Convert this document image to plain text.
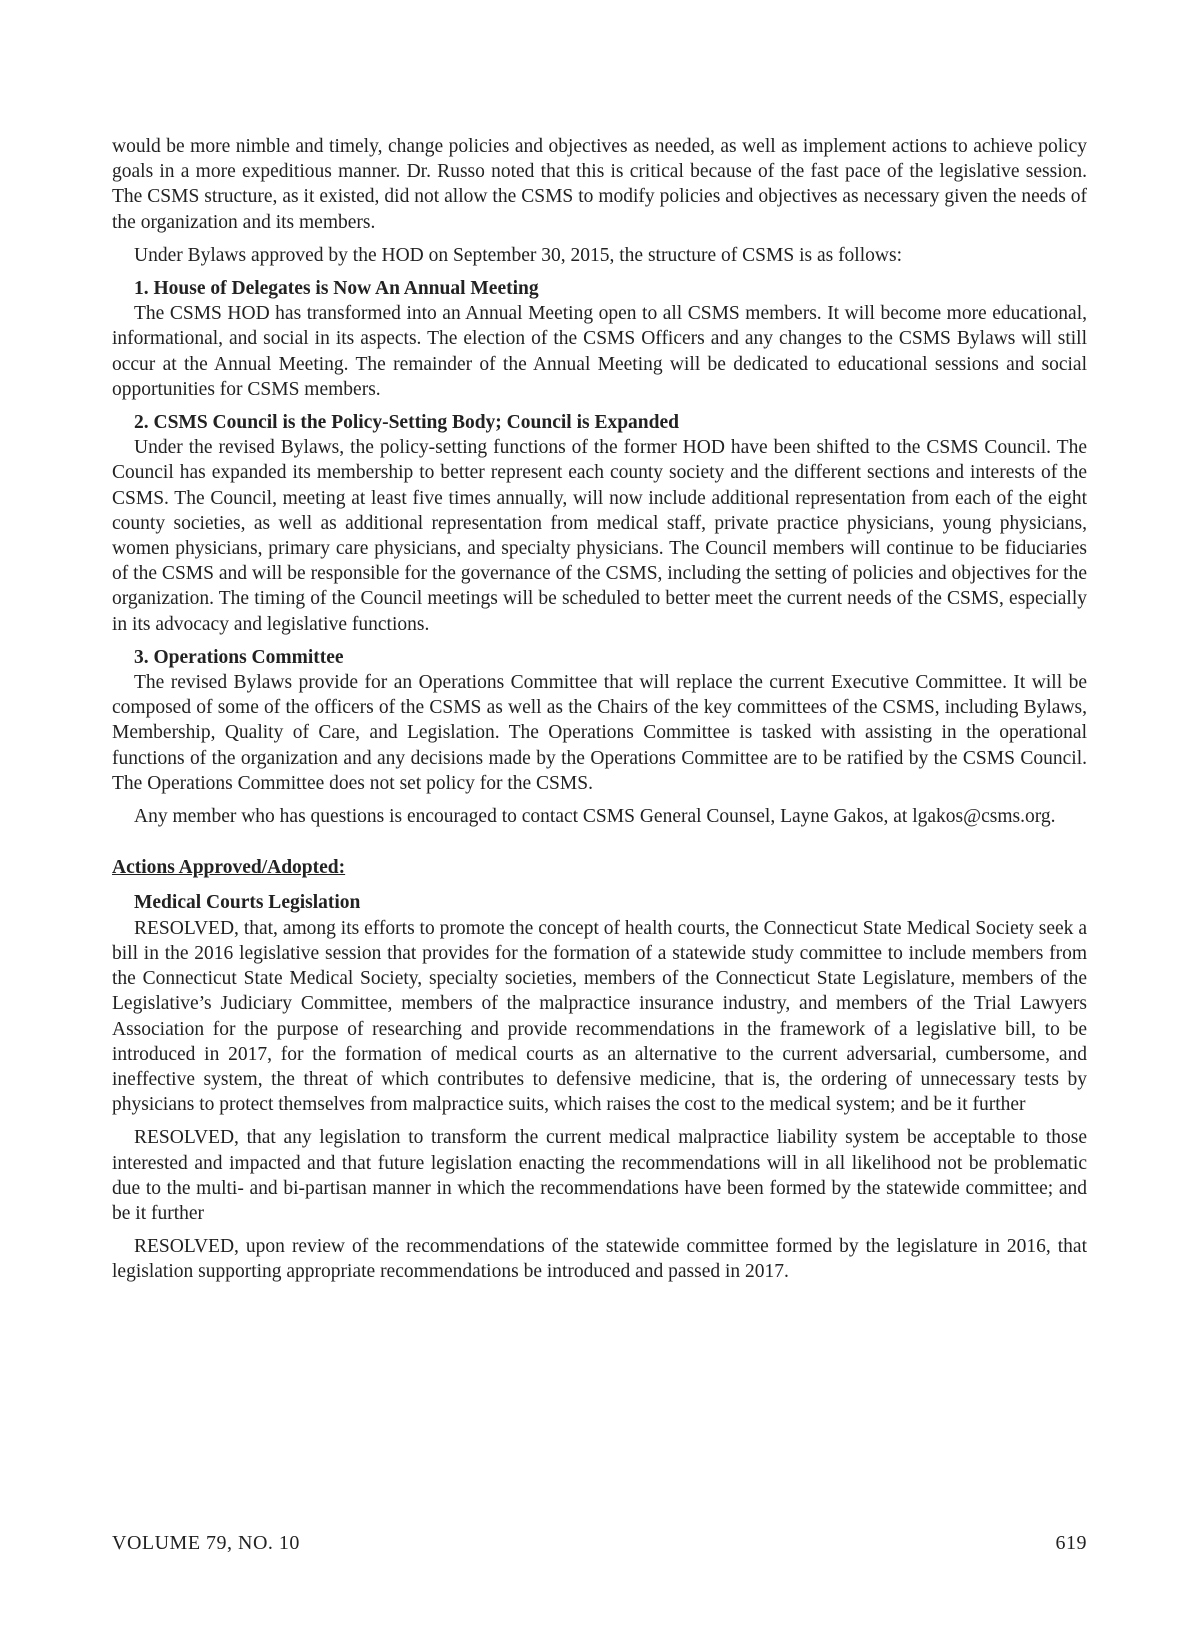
would be more nimble and timely, change policies and objectives as needed, as well as implement actions to achieve policy goals in a more expeditious manner. Dr. Russo noted that this is critical because of the fast pace of the legislative session. The CSMS structure, as it existed, did not allow the CSMS to modify policies and objectives as necessary given the needs of the organization and its members.

Under Bylaws approved by the HOD on September 30, 2015, the structure of CSMS is as follows:

1. House of Delegates is Now An Annual Meeting

The CSMS HOD has transformed into an Annual Meeting open to all CSMS members. It will become more educational, informational, and social in its aspects. The election of the CSMS Officers and any changes to the CSMS Bylaws will still occur at the Annual Meeting. The remainder of the Annual Meeting will be dedicated to educational sessions and social opportunities for CSMS members.

2. CSMS Council is the Policy-Setting Body; Council is Expanded

Under the revised Bylaws, the policy-setting functions of the former HOD have been shifted to the CSMS Council. The Council has expanded its membership to better represent each county society and the different sections and interests of the CSMS. The Council, meeting at least five times annually, will now include additional representation from each of the eight county societies, as well as additional representation from medical staff, private practice physicians, young physicians, women physicians, primary care physicians, and specialty physicians. The Council members will continue to be fiduciaries of the CSMS and will be responsible for the governance of the CSMS, including the setting of policies and objectives for the organization. The timing of the Council meetings will be scheduled to better meet the current needs of the CSMS, especially in its advocacy and legislative functions.

3. Operations Committee

The revised Bylaws provide for an Operations Committee that will replace the current Executive Committee. It will be composed of some of the officers of the CSMS as well as the Chairs of the key committees of the CSMS, including Bylaws, Membership, Quality of Care, and Legislation. The Operations Committee is tasked with assisting in the operational functions of the organization and any decisions made by the Operations Committee are to be ratified by the CSMS Council. The Operations Committee does not set policy for the CSMS.

Any member who has questions is encouraged to contact CSMS General Counsel, Layne Gakos, at lgakos@csms.org.

Actions Approved/Adopted:
Medical Courts Legislation

RESOLVED, that, among its efforts to promote the concept of health courts, the Connecticut State Medical Society seek a bill in the 2016 legislative session that provides for the formation of a statewide study committee to include members from the Connecticut State Medical Society, specialty societies, members of the Connecticut State Legislature, members of the Legislative’s Judiciary Committee, members of the malpractice insurance industry, and members of the Trial Lawyers Association for the purpose of researching and provide recommendations in the framework of a legislative bill, to be introduced in 2017, for the formation of medical courts as an alternative to the current adversarial, cumbersome, and ineffective system, the threat of which contributes to defensive medicine, that is, the ordering of unnecessary tests by physicians to protect themselves from malpractice suits, which raises the cost to the medical system; and be it further

RESOLVED, that any legislation to transform the current medical malpractice liability system be acceptable to those interested and impacted and that future legislation enacting the recommendations will in all likelihood not be problematic due to the multi- and bi-partisan manner in which the recommendations have been formed by the statewide committee; and be it further

RESOLVED, upon review of the recommendations of the statewide committee formed by the legislature in 2016, that legislation supporting appropriate recommendations be introduced and passed in 2017.

VOLUME 79, NO. 10	619
